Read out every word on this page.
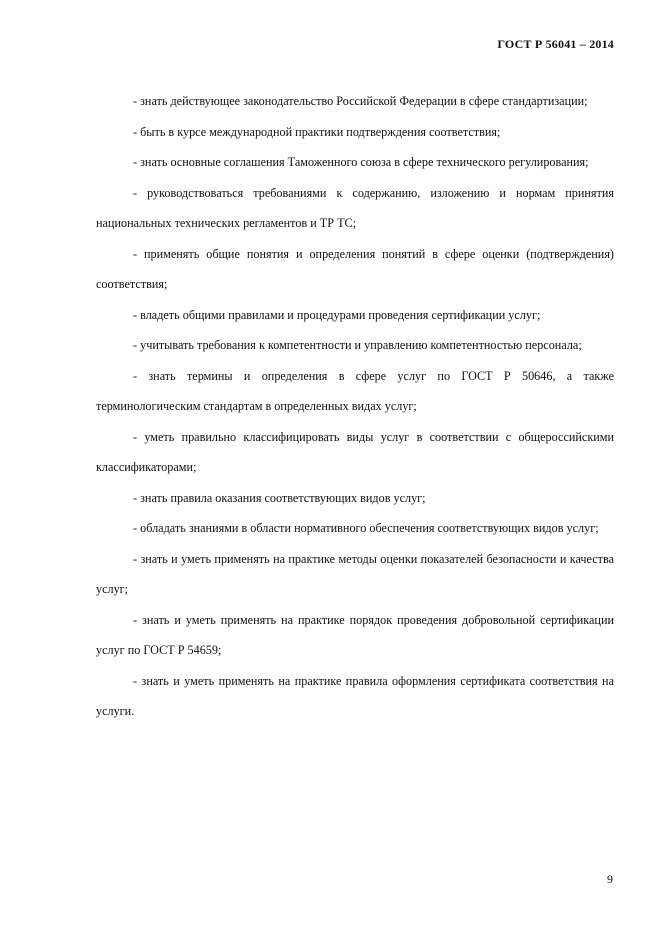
ГОСТ Р 56041 – 2014

- знать действующее законодательство Российской Федерации в сфере стандартизации;

- быть в курсе международной практики подтверждения соответствия;

- знать основные соглашения Таможенного союза в сфере технического регулирования;

- руководствоваться требованиями к содержанию, изложению и нормам принятия национальных технических регламентов и ТР ТС;

- применять общие понятия и определения понятий в сфере оценки (подтверждения) соответствия;

- владеть общими правилами и процедурами проведения сертификации услуг;

- учитывать требования к компетентности и управлению компетентностью персонала;

- знать термины и определения в сфере услуг по ГОСТ Р 50646, а также терминологическим стандартам в определенных видах услуг;

- уметь правильно классифицировать виды услуг в соответствии с общероссийскими классификаторами;

- знать правила оказания соответствующих видов услуг;

- обладать знаниями в области нормативного обеспечения соответствующих видов услуг;

- знать и уметь применять на практике методы оценки показателей безопасности и качества услуг;

- знать и уметь применять на практике порядок проведения добровольной сертификации услуг по ГОСТ Р 54659;

- знать и уметь применять на практике правила оформления сертификата соответствия на услуги.

9
